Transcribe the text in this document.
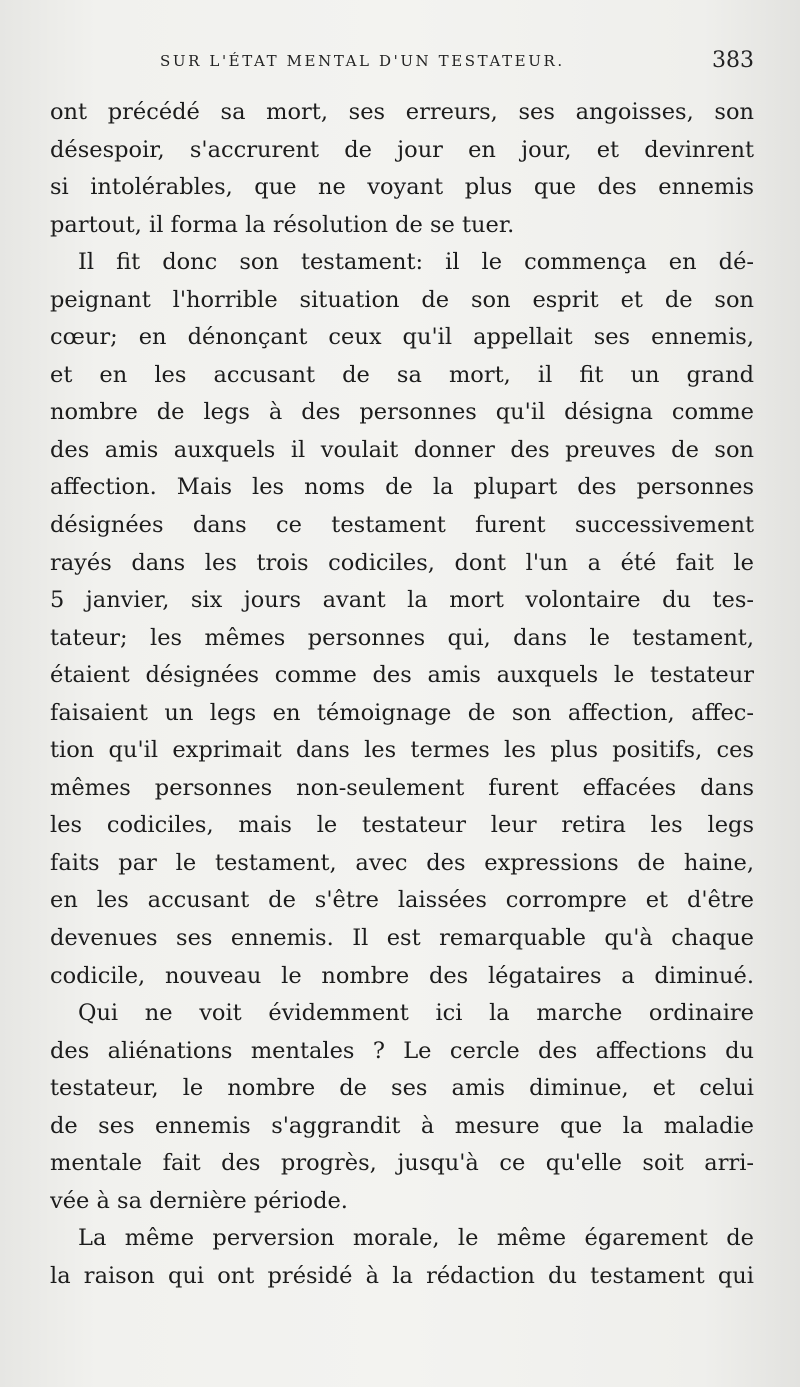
SUR L'ÉTAT MENTAL D'UN TESTATEUR.	383
ont précédé sa mort, ses erreurs, ses angoisses, son
désespoir, s'accrurent de jour en jour, et devinrent
si intolérables, que ne voyant plus que des ennemis
partout, il forma la résolution de se tuer.
Il fit donc son testament: il le commença en dé-
peignant l'horrible situation de son esprit et de son
cœur; en dénonçant ceux qu'il appellait ses ennemis,
et en les accusant de sa mort, il fit un grand
nombre de legs à des personnes qu'il désigna comme
des amis auxquels il voulait donner des preuves de son
affection. Mais les noms de la plupart des personnes
désignées dans ce testament furent successivement
rayés dans les trois codiciles, dont l'un a été fait le
5 janvier, six jours avant la mort volontaire du tes-
tateur; les mêmes personnes qui, dans le testament,
étaient désignées comme des amis auxquels le testateur
faisaient un legs en témoignage de son affection, affec-
tion qu'il exprimait dans les termes les plus positifs, ces
mêmes personnes non-seulement furent effacées dans
les codiciles, mais le testateur leur retira les legs
faits par le testament, avec des expressions de haine,
en les accusant de s'être laissées corrompre et d'être
devenues ses ennemis. Il est remarquable qu'à chaque
codicile, nouveau le nombre des légataires a diminué.
Qui ne voit évidemment ici la marche ordinaire
des aliénations mentales ? Le cercle des affections du
testateur, le nombre de ses amis diminue, et celui
de ses ennemis s'aggrandit à mesure que la maladie
mentale fait des progrès, jusqu'à ce qu'elle soit arri-
vée à sa dernière période.
La même perversion morale, le même égarement de
la raison qui ont présidé à la rédaction du testament qui
